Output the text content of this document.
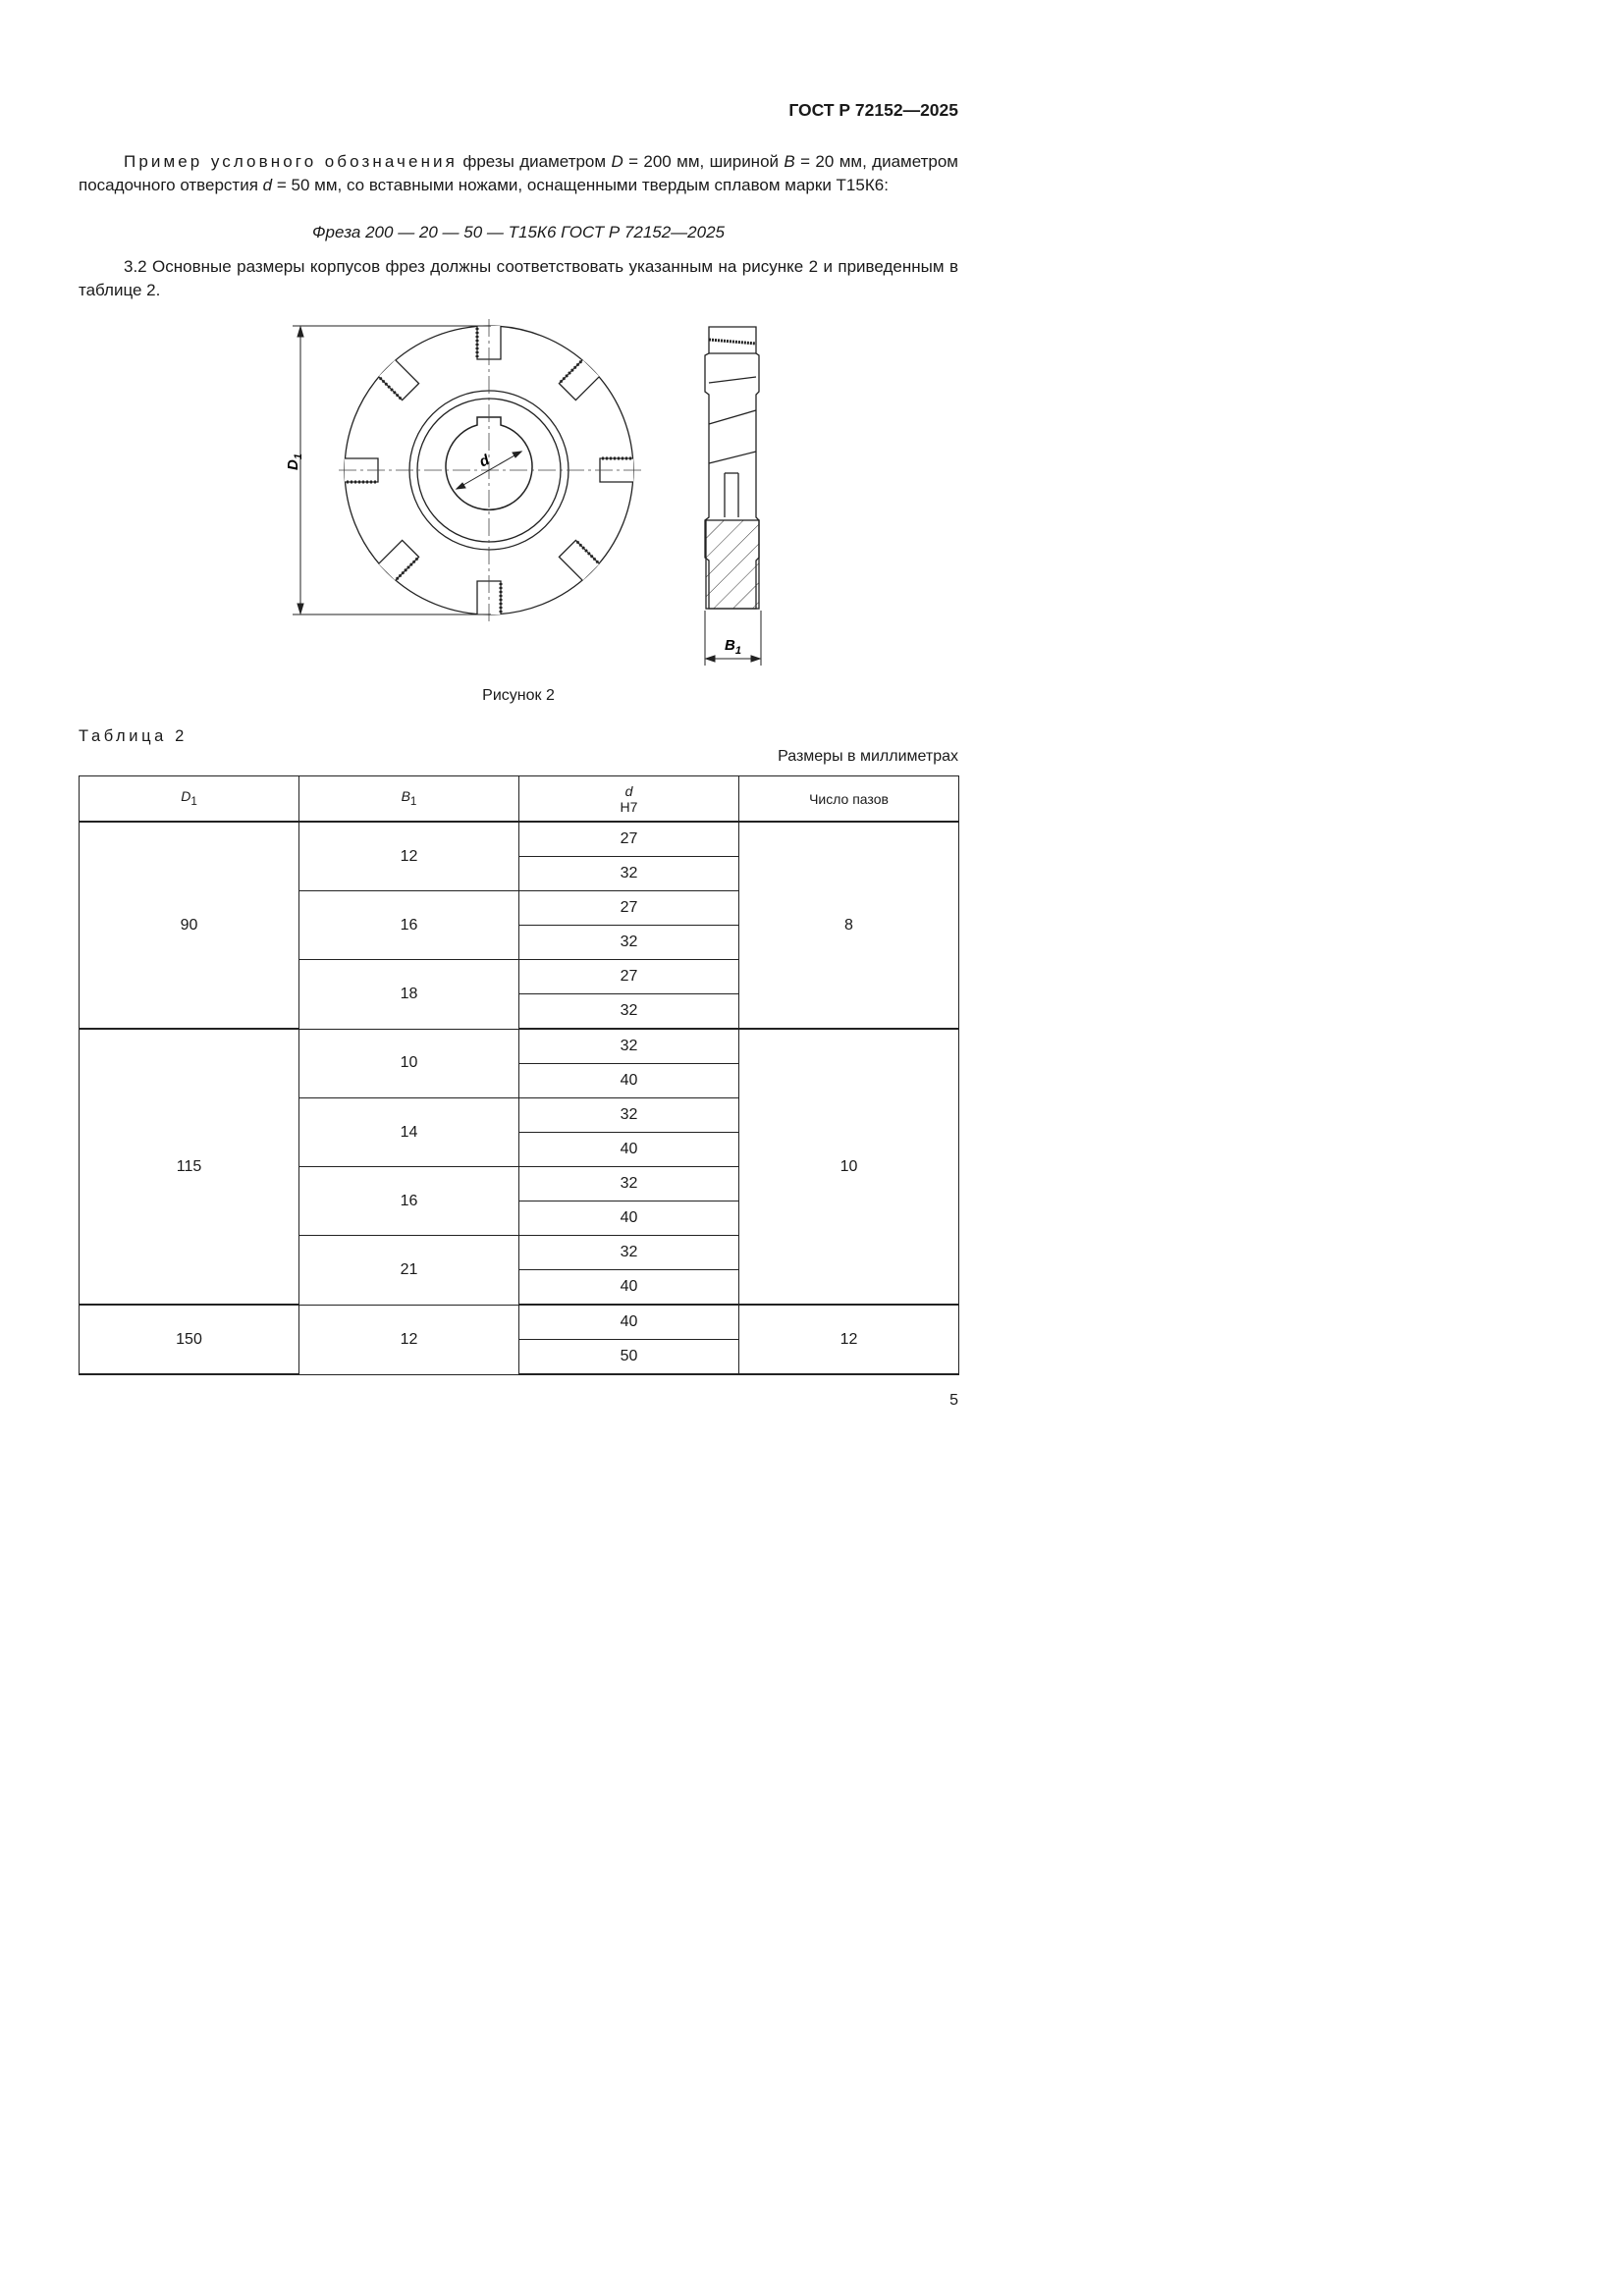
ГОСТ Р 72152—2025
Пример условного обозначения фрезы диаметром D = 200 мм, шириной B = 20 мм, диаметром посадочного отверстия d = 50 мм, со вставными ножами, оснащенными твердым сплавом марки Т15К6:
Фреза 200 — 20 — 50 — Т15К6 ГОСТ Р 72152—2025
3.2 Основные размеры корпусов фрез должны соответствовать указанным на рисунке 2 и приведенным в таблице 2.
d
$D_1$
$B_1$
Рисунок 2
Таблица 2
Размеры в миллиметрах
$D_1$	$B_1$	d
H7	Число пазов
90	12	27	8
		32	
	16	27	
		32	
	18	27	
		32	
115	10	32	10
		40	
	14	32	
		40	
	16	32	
		40	
	21	32	
		40	
150	12	40	12
		50	
5
